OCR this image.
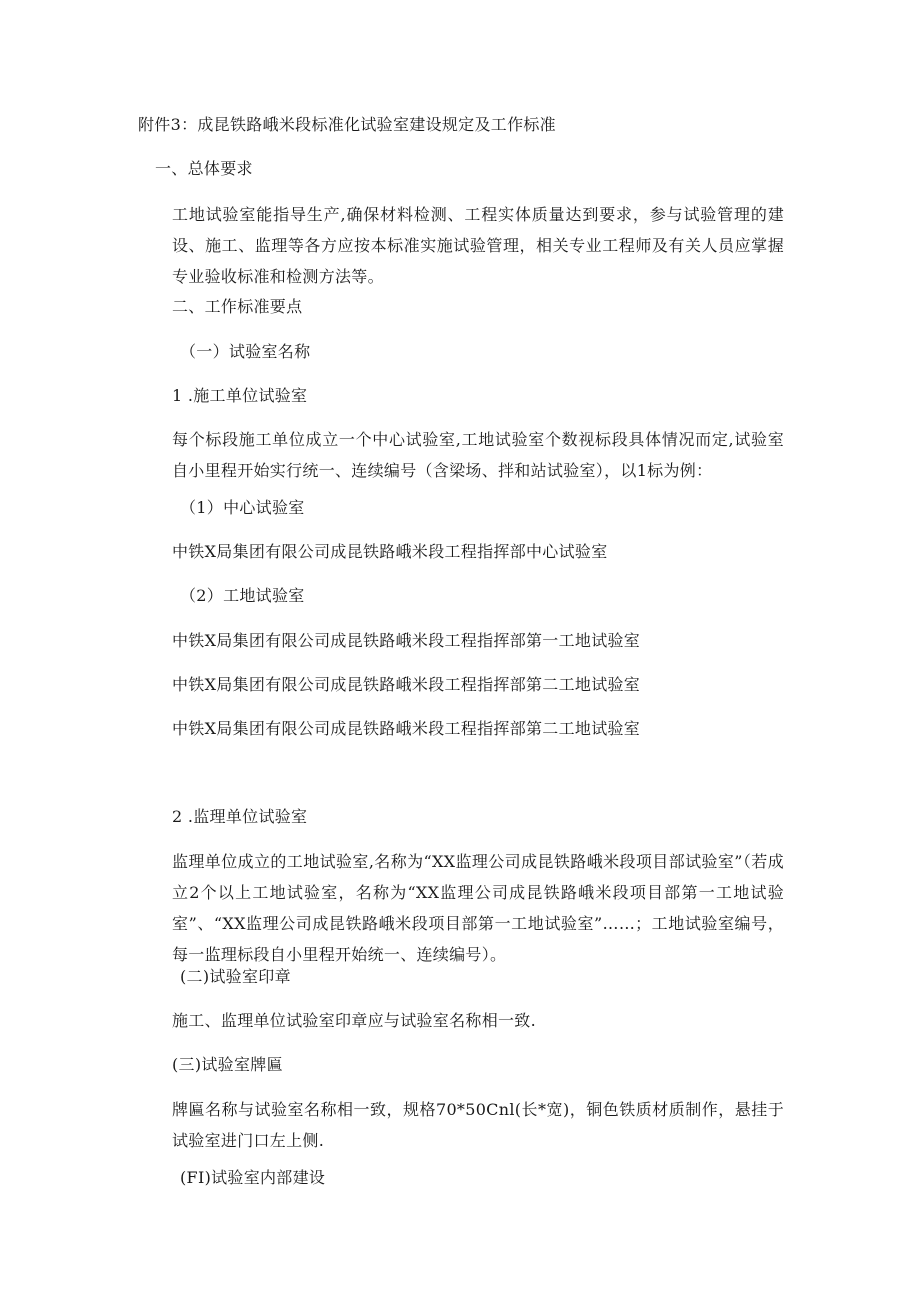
附件3：成昆铁路峨米段标准化试验室建设规定及工作标准

一、总体要求

工地试验室能指导生产,确保材料检测、工程实体质量达到要求，参与试验管理的建设、施工、监理等各方应按本标准实施试验管理，相关专业工程师及有关人员应掌握专业验收标准和检测方法等。

二、工作标准要点

（一）试验室名称

1 .施工单位试验室

每个标段施工单位成立一个中心试验室,工地试验室个数视标段具体情况而定,试验室自小里程开始实行统一、连续编号（含梁场、拌和站试验室），以1标为例：

（1）中心试验室

中铁X局集团有限公司成昆铁路峨米段工程指挥部中心试验室

（2）工地试验室

中铁X局集团有限公司成昆铁路峨米段工程指挥部第一工地试验室

中铁X局集团有限公司成昆铁路峨米段工程指挥部第二工地试验室

中铁X局集团有限公司成昆铁路峨米段工程指挥部第二工地试验室

2 .监理单位试验室

监理单位成立的工地试验室,名称为“XX监理公司成昆铁路峨米段项目部试验室”（若成立2个以上工地试验室，名称为“XX监理公司成昆铁路峨米段项目部第一工地试验室”、“XX监理公司成昆铁路峨米段项目部第一工地试验室”……；工地试验室编号，每一监理标段自小里程开始统一、连续编号）。

(二)试验室印章

施工、监理单位试验室印章应与试验室名称相一致.

(三)试验室牌匾

牌匾名称与试验室名称相一致，规格70*50Cnl(长*宽)，铜色铁质材质制作，悬挂于试验室进门口左上侧.

(FI)试验室内部建设
